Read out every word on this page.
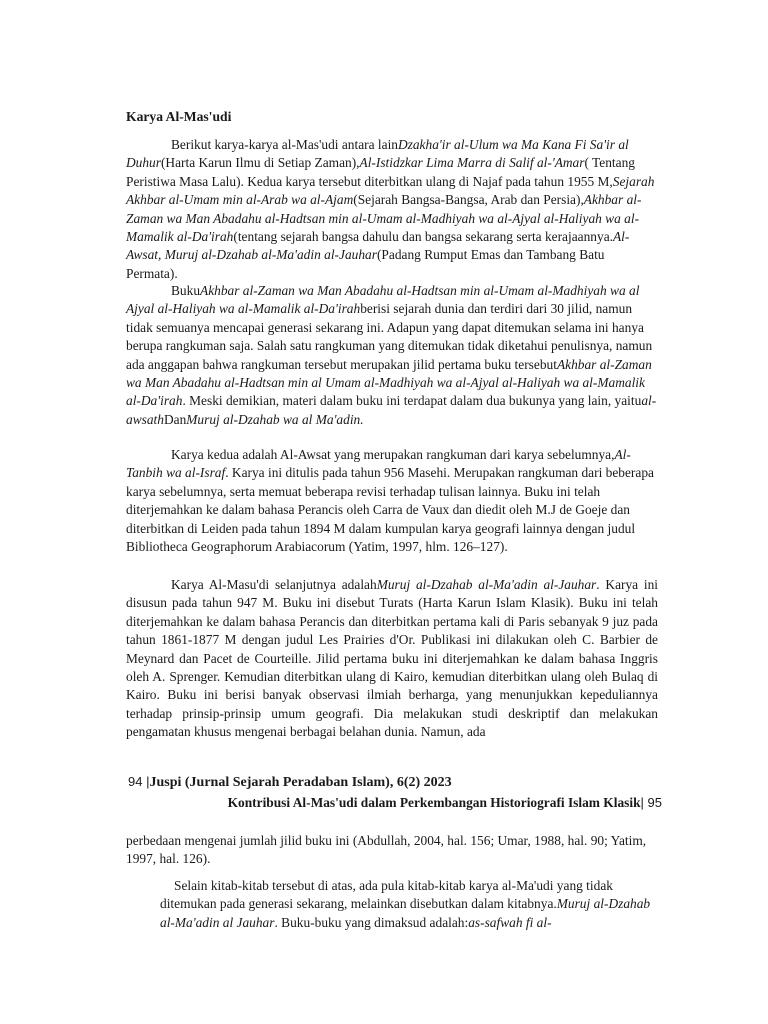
Karya Al-Mas'udi

Berikut karya-karya al-Mas'udi antara lainDzakha'ir al-Ulum wa Ma Kana Fi Sa'ir al Duhur(Harta Karun Ilmu di Setiap Zaman),Al-Istidzkar Lima Marra di Salif al-'Amar( Tentang Peristiwa Masa Lalu). Kedua karya tersebut diterbitkan ulang di Najaf pada tahun 1955 M,Sejarah Akhbar al-Umam min al-Arab wa al-Ajam(Sejarah Bangsa-Bangsa, Arab dan Persia),Akhbar al-Zaman wa Man Abadahu al-Hadtsan min al-Umam al-Madhiyah wa al-Ajyal al-Haliyah wa al-Mamalik al-Da'irah(tentang sejarah bangsa dahulu dan bangsa sekarang serta kerajaannya.Al-Awsat, Muruj al-Dzahab al-Ma'adin al-Jauhar(Padang Rumput Emas dan Tambang Batu Permata).

BukuAkhbar al-Zaman wa Man Abadahu al-Hadtsan min al-Umam al-Madhiyah wa al Ajyal al-Haliyah wa al-Mamalik al-Da'irahberisi sejarah dunia dan terdiri dari 30 jilid, namun tidak semuanya mencapai generasi sekarang ini. Adapun yang dapat ditemukan selama ini hanya berupa rangkuman saja. Salah satu rangkuman yang ditemukan tidak diketahui penulisnya, namun ada anggapan bahwa rangkuman tersebut merupakan jilid pertama buku tersebutAkhbar al-Zaman wa Man Abadahu al-Hadtsan min al Umam al-Madhiyah wa al-Ajyal al-Haliyah wa al-Mamalik al-Da'irah. Meski demikian, materi dalam buku ini terdapat dalam dua bukunya yang lain, yaitual-awsathDanMuruj al-Dzahab wa al Ma'adin.

Karya kedua adalah Al-Awsat yang merupakan rangkuman dari karya sebelumnya,Al-Tanbih wa al-Israf. Karya ini ditulis pada tahun 956 Masehi. Merupakan rangkuman dari beberapa karya sebelumnya, serta memuat beberapa revisi terhadap tulisan lainnya. Buku ini telah diterjemahkan ke dalam bahasa Perancis oleh Carra de Vaux dan diedit oleh M.J de Goeje dan diterbitkan di Leiden pada tahun 1894 M dalam kumpulan karya geografi lainnya dengan judul Bibliotheca Geographorum Arabiacorum (Yatim, 1997, hlm. 126–127).

Karya Al-Masu'di selanjutnya adalahMuruj al-Dzahab al-Ma'adin al-Jauhar. Karya ini disusun pada tahun 947 M. Buku ini disebut Turats (Harta Karun Islam Klasik). Buku ini telah diterjemahkan ke dalam bahasa Perancis dan diterbitkan pertama kali di Paris sebanyak 9 juz pada tahun 1861-1877 M dengan judul Les Prairies d'Or. Publikasi ini dilakukan oleh C. Barbier de Meynard dan Pacet de Courteille. Jilid pertama buku ini diterjemahkan ke dalam bahasa Inggris oleh A. Sprenger. Kemudian diterbitkan ulang di Kairo, kemudian diterbitkan ulang oleh Bulaq di Kairo. Buku ini berisi banyak observasi ilmiah berharga, yang menunjukkan kepeduliannya terhadap prinsip-prinsip umum geografi. Dia melakukan studi deskriptif dan melakukan pengamatan khusus mengenai berbagai belahan dunia. Namun, ada

94 |Juspi (Jurnal Sejarah Peradaban Islam), 6(2) 2023
Kontribusi Al-Mas'udi dalam Perkembangan Historiografi Islam Klasik| 95

perbedaan mengenai jumlah jilid buku ini (Abdullah, 2004, hal. 156; Umar, 1988, hal. 90; Yatim, 1997, hal. 126).

Selain kitab-kitab tersebut di atas, ada pula kitab-kitab karya al-Ma'udi yang tidak ditemukan pada generasi sekarang, melainkan disebutkan dalam kitabnya.Muruj al-Dzahab al-Ma'adin al Jauhar. Buku-buku yang dimaksud adalah:as-safwah fi al-
